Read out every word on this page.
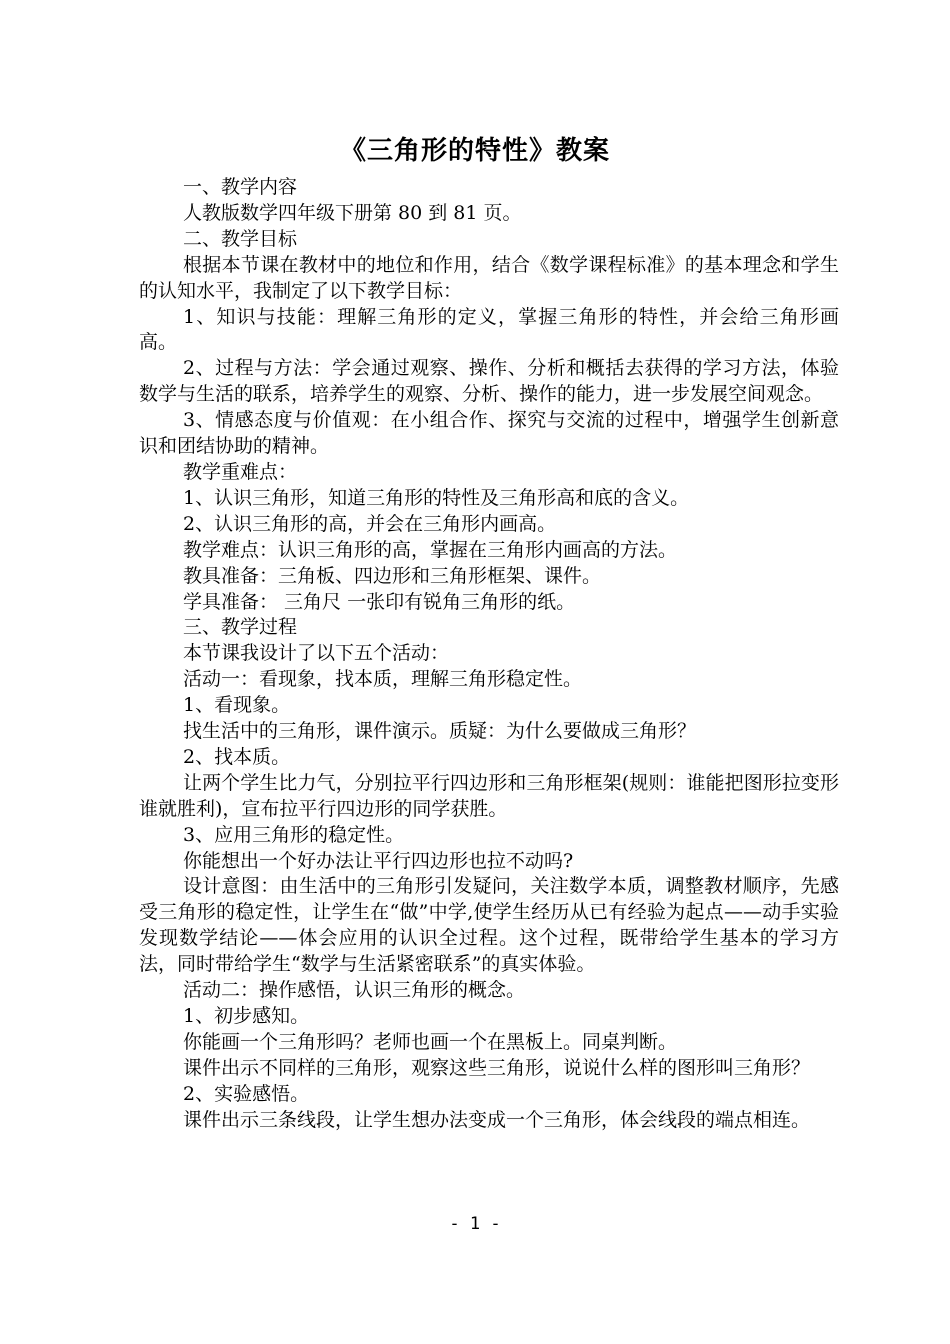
《三角形的特性》教案

一、教学内容

人教版数学四年级下册第 80 到 81 页。

二、教学目标

根据本节课在教材中的地位和作用，结合《数学课程标准》的基本理念和学生的认知水平，我制定了以下教学目标：

1、知识与技能：理解三角形的定义，掌握三角形的特性，并会给三角形画高。

2、过程与方法：学会通过观察、操作、分析和概括去获得的学习方法，体验数学与生活的联系，培养学生的观察、分析、操作的能力，进一步发展空间观念。

3、情感态度与价值观：在小组合作、探究与交流的过程中，增强学生创新意识和团结协助的精神。

教学重难点：

1、认识三角形，知道三角形的特性及三角形高和底的含义。

2、认识三角形的高，并会在三角形内画高。

教学难点：认识三角形的高，掌握在三角形内画高的方法。

教具准备：三角板、四边形和三角形框架、课件。

学具准备： 三角尺 一张印有锐角三角形的纸。

三、教学过程

本节课我设计了以下五个活动：

活动一：看现象，找本质，理解三角形稳定性。

1、看现象。

找生活中的三角形，课件演示。质疑：为什么要做成三角形？

2、找本质。

让两个学生比力气，分别拉平行四边形和三角形框架(规则：谁能把图形拉变形谁就胜利)，宣布拉平行四边形的同学获胜。

3、应用三角形的稳定性。

你能想出一个好办法让平行四边形也拉不动吗?

设计意图：由生活中的三角形引发疑问，关注数学本质，调整教材顺序，先感受三角形的稳定性，让学生在“做”中学,使学生经历从已有经验为起点——动手实验发现数学结论——体会应用的认识全过程。这个过程，既带给学生基本的学习方法，同时带给学生“数学与生活紧密联系”的真实体验。

活动二：操作感悟，认识三角形的概念。

1、初步感知。

你能画一个三角形吗？老师也画一个在黑板上。同桌判断。

课件出示不同样的三角形，观察这些三角形，说说什么样的图形叫三角形？

2、实验感悟。

课件出示三条线段，让学生想办法变成一个三角形，体会线段的端点相连。

- 1 -
